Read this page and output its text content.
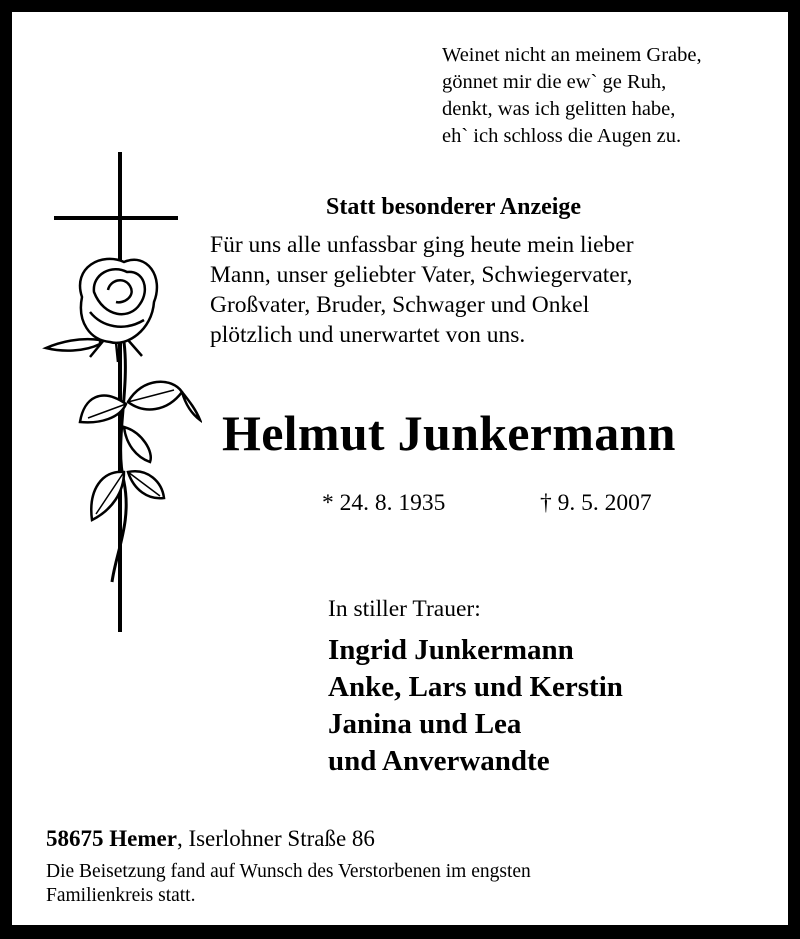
Weinet nicht an meinem Grabe,
gönnet mir die ew` ge Ruh,
denkt, was ich gelitten habe,
eh` ich schloss die Augen zu.
Statt besonderer Anzeige
Für uns alle unfassbar ging heute mein lieber
Mann, unser geliebter Vater, Schwiegervater,
Großvater, Bruder, Schwager und Onkel
plötzlich und unerwartet von uns.
Helmut Junkermann
* 24. 8. 1935	† 9. 5. 2007
In stiller Trauer:
Ingrid Junkermann
Anke, Lars und Kerstin
Janina und Lea
und Anverwandte
58675 Hemer, Iserlohner Straße 86
Die Beisetzung fand auf Wunsch des Verstorbenen im engsten
Familienkreis statt.
